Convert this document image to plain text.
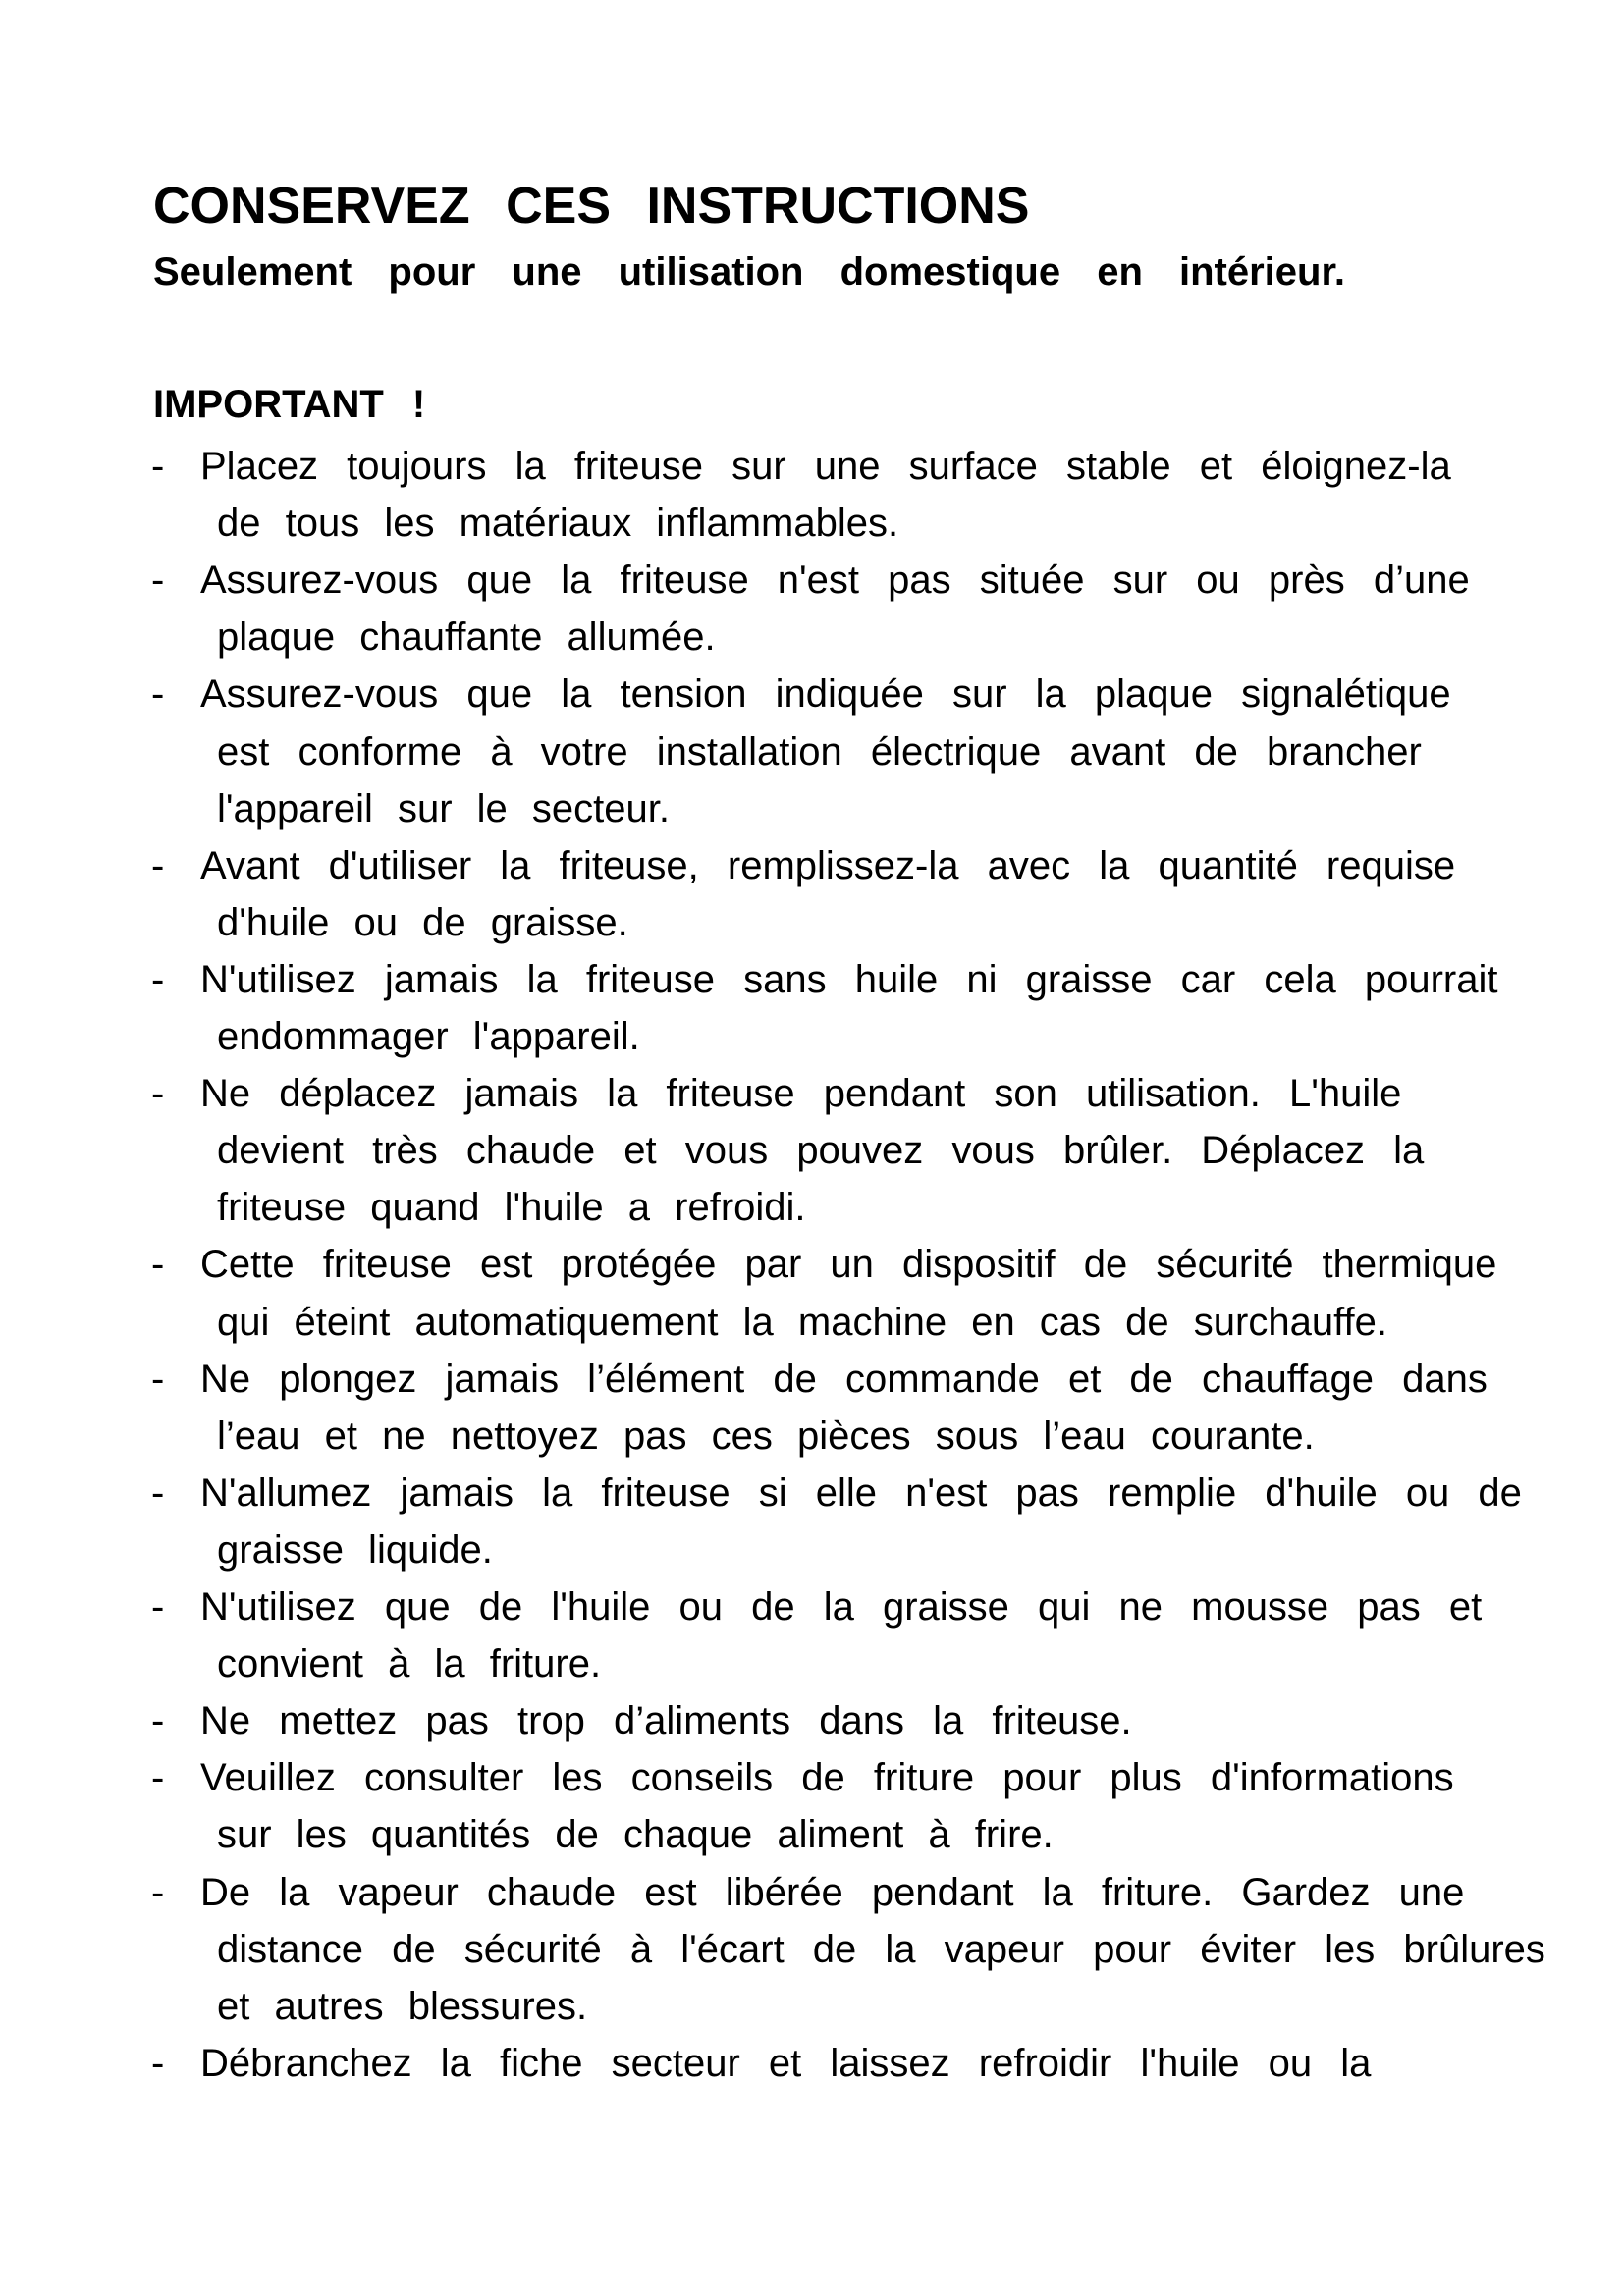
CONSERVEZ CES INSTRUCTIONS
Seulement pour une utilisation domestique en intérieur.
IMPORTANT !
- Placez toujours la friteuse sur une surface stable et éloignez-la
de tous les matériaux inflammables.
- Assurez-vous que la friteuse n'est pas située sur ou près d’une
plaque chauffante allumée.
- Assurez-vous que la tension indiquée sur la plaque signalétique
est conforme à votre installation électrique avant de brancher
l'appareil sur le secteur.
- Avant d'utiliser la friteuse, remplissez-la avec la quantité requise
d'huile ou de graisse.
- N'utilisez jamais la friteuse sans huile ni graisse car cela pourrait
endommager l'appareil.
- Ne déplacez jamais la friteuse pendant son utilisation. L'huile
devient très chaude et vous pouvez vous brûler. Déplacez la
friteuse quand l'huile a refroidi.
- Cette friteuse est protégée par un dispositif de sécurité thermique
qui éteint automatiquement la machine en cas de surchauffe.
- Ne plongez jamais l’élément de commande et de chauffage dans
l’eau et ne nettoyez pas ces pièces sous l’eau courante.
- N'allumez jamais la friteuse si elle n'est pas remplie d'huile ou de
graisse liquide.
- N'utilisez que de l'huile ou de la graisse qui ne mousse pas et
convient à la friture.
- Ne mettez pas trop d’aliments dans la friteuse.
- Veuillez consulter les conseils de friture pour plus d'informations
sur les quantités de chaque aliment à frire.
- De la vapeur chaude est libérée pendant la friture. Gardez une
distance de sécurité à l'écart de la vapeur pour éviter les brûlures
et autres blessures.
- Débranchez la fiche secteur et laissez refroidir l'huile ou la
